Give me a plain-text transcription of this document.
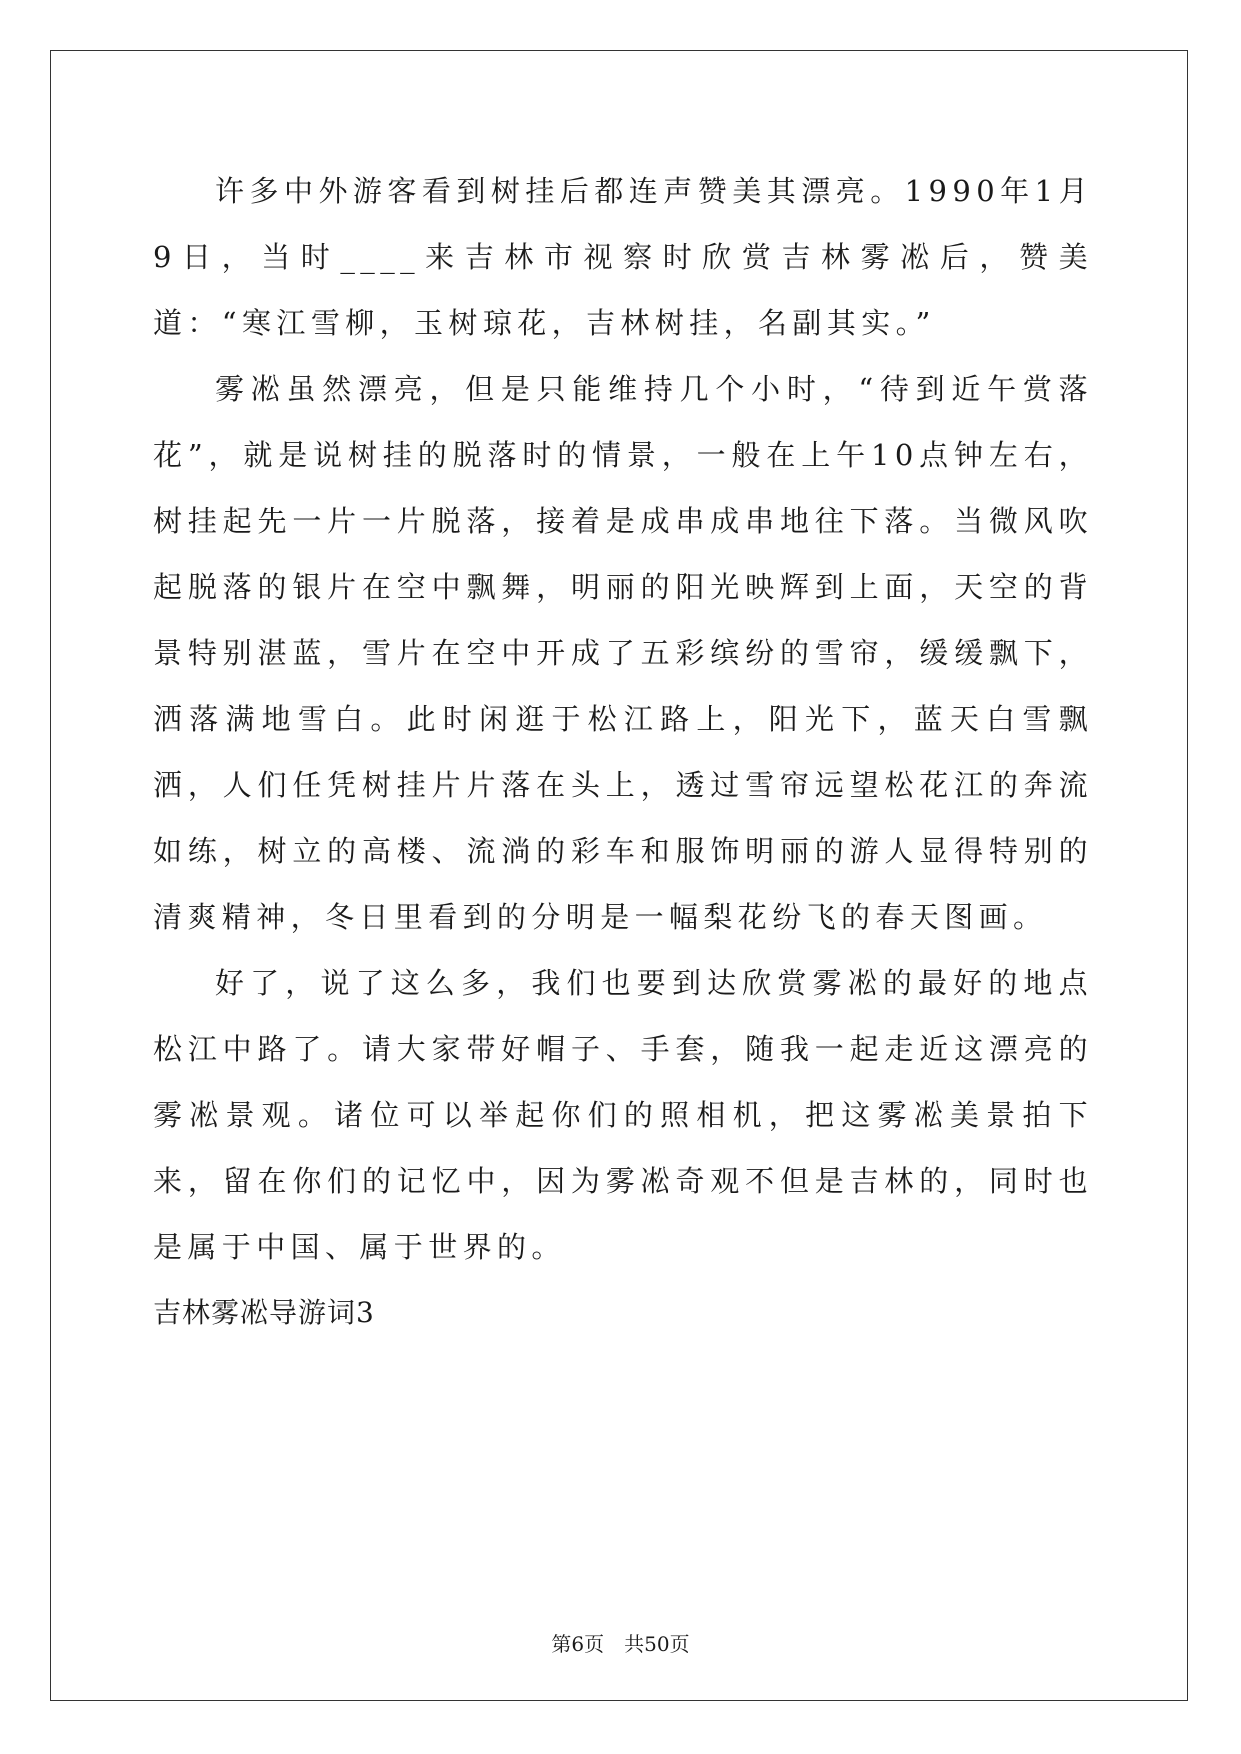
许多中外游客看到树挂后都连声赞美其漂亮。1990年1月9日，当时____来吉林市视察时欣赏吉林雾凇后，赞美道：“寒江雪柳，玉树琼花，吉林树挂，名副其实。”

雾凇虽然漂亮，但是只能维持几个小时，“待到近午赏落花”，就是说树挂的脱落时的情景，一般在上午10点钟左右，树挂起先一片一片脱落，接着是成串成串地往下落。当微风吹起脱落的银片在空中飘舞，明丽的阳光映辉到上面，天空的背景特别湛蓝，雪片在空中开成了五彩缤纷的雪帘，缓缓飘下，洒落满地雪白。此时闲逛于松江路上，阳光下，蓝天白雪飘洒，人们任凭树挂片片落在头上，透过雪帘远望松花江的奔流如练，树立的高楼、流淌的彩车和服饰明丽的游人显得特别的清爽精神，冬日里看到的分明是一幅梨花纷飞的春天图画。

好了，说了这么多，我们也要到达欣赏雾凇的最好的地点松江中路了。请大家带好帽子、手套，随我一起走近这漂亮的雾凇景观。诸位可以举起你们的照相机，把这雾凇美景拍下来，留在你们的记忆中，因为雾凇奇观不但是吉林的，同时也是属于中国、属于世界的。

吉林雾凇导游词3

第6页　共50页
